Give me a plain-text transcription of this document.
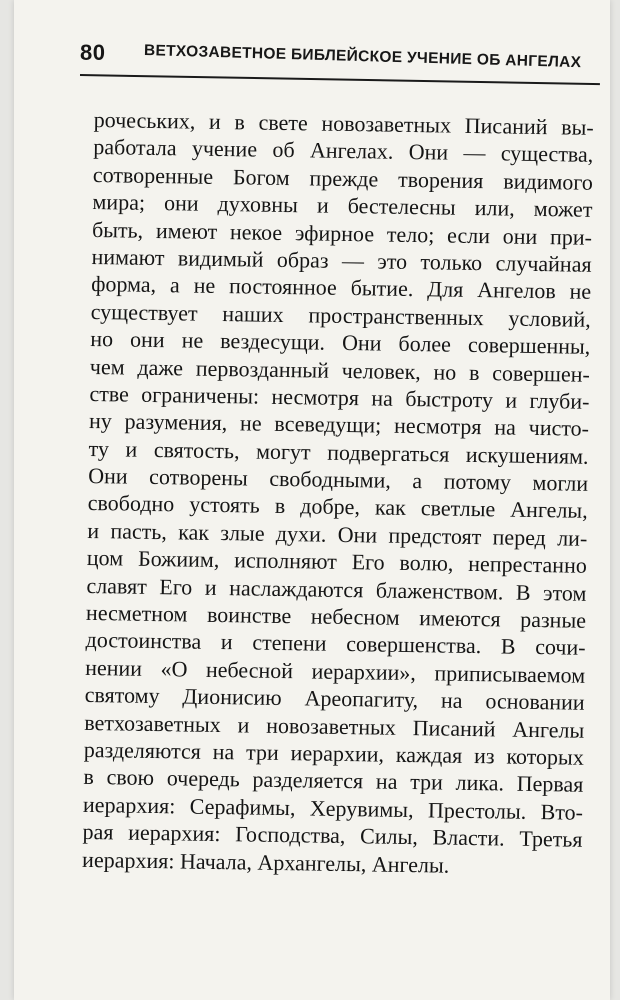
80 ВЕТХОЗАВЕТНОЕ БИБЛЕЙСКОЕ УЧЕНИЕ ОБ АНГЕЛАХ
рочеських, и в свете новозаветных Писаний вы-
работала учение об Ангелах. Они — существа,
сотворенные Богом прежде творения видимого
мира; они духовны и бестелесны или, может
быть, имеют некое эфирное тело; если они при-
нимают видимый образ — это только случайная
форма, а не постоянное бытие. Для Ангелов не
существует наших пространственных условий,
но они не вездесущи. Они более совершенны,
чем даже первозданный человек, но в совершен-
стве ограничены: несмотря на быстроту и глуби-
ну разумения, не всеведущи; несмотря на чисто-
ту и святость, могут подвергаться искушениям.
Они сотворены свободными, а потому могли
свободно устоять в добре, как светлые Ангелы,
и пасть, как злые духи. Они предстоят перед ли-
цом Божиим, исполняют Его волю, непрестанно
славят Его и наслаждаются блаженством. В этом
несметном воинстве небесном имеются разные
достоинства и степени совершенства. В сочи-
нении «О небесной иерархии», приписываемом
святому Дионисию Ареопагиту, на основании
ветхозаветных и новозаветных Писаний Ангелы
разделяются на три иерархии, каждая из которых
в свою очередь разделяется на три лика. Первая
иерархия: Серафимы, Херувимы, Престолы. Вто-
рая иерархия: Господства, Силы, Власти. Третья
иерархия: Начала, Архангелы, Ангелы.
